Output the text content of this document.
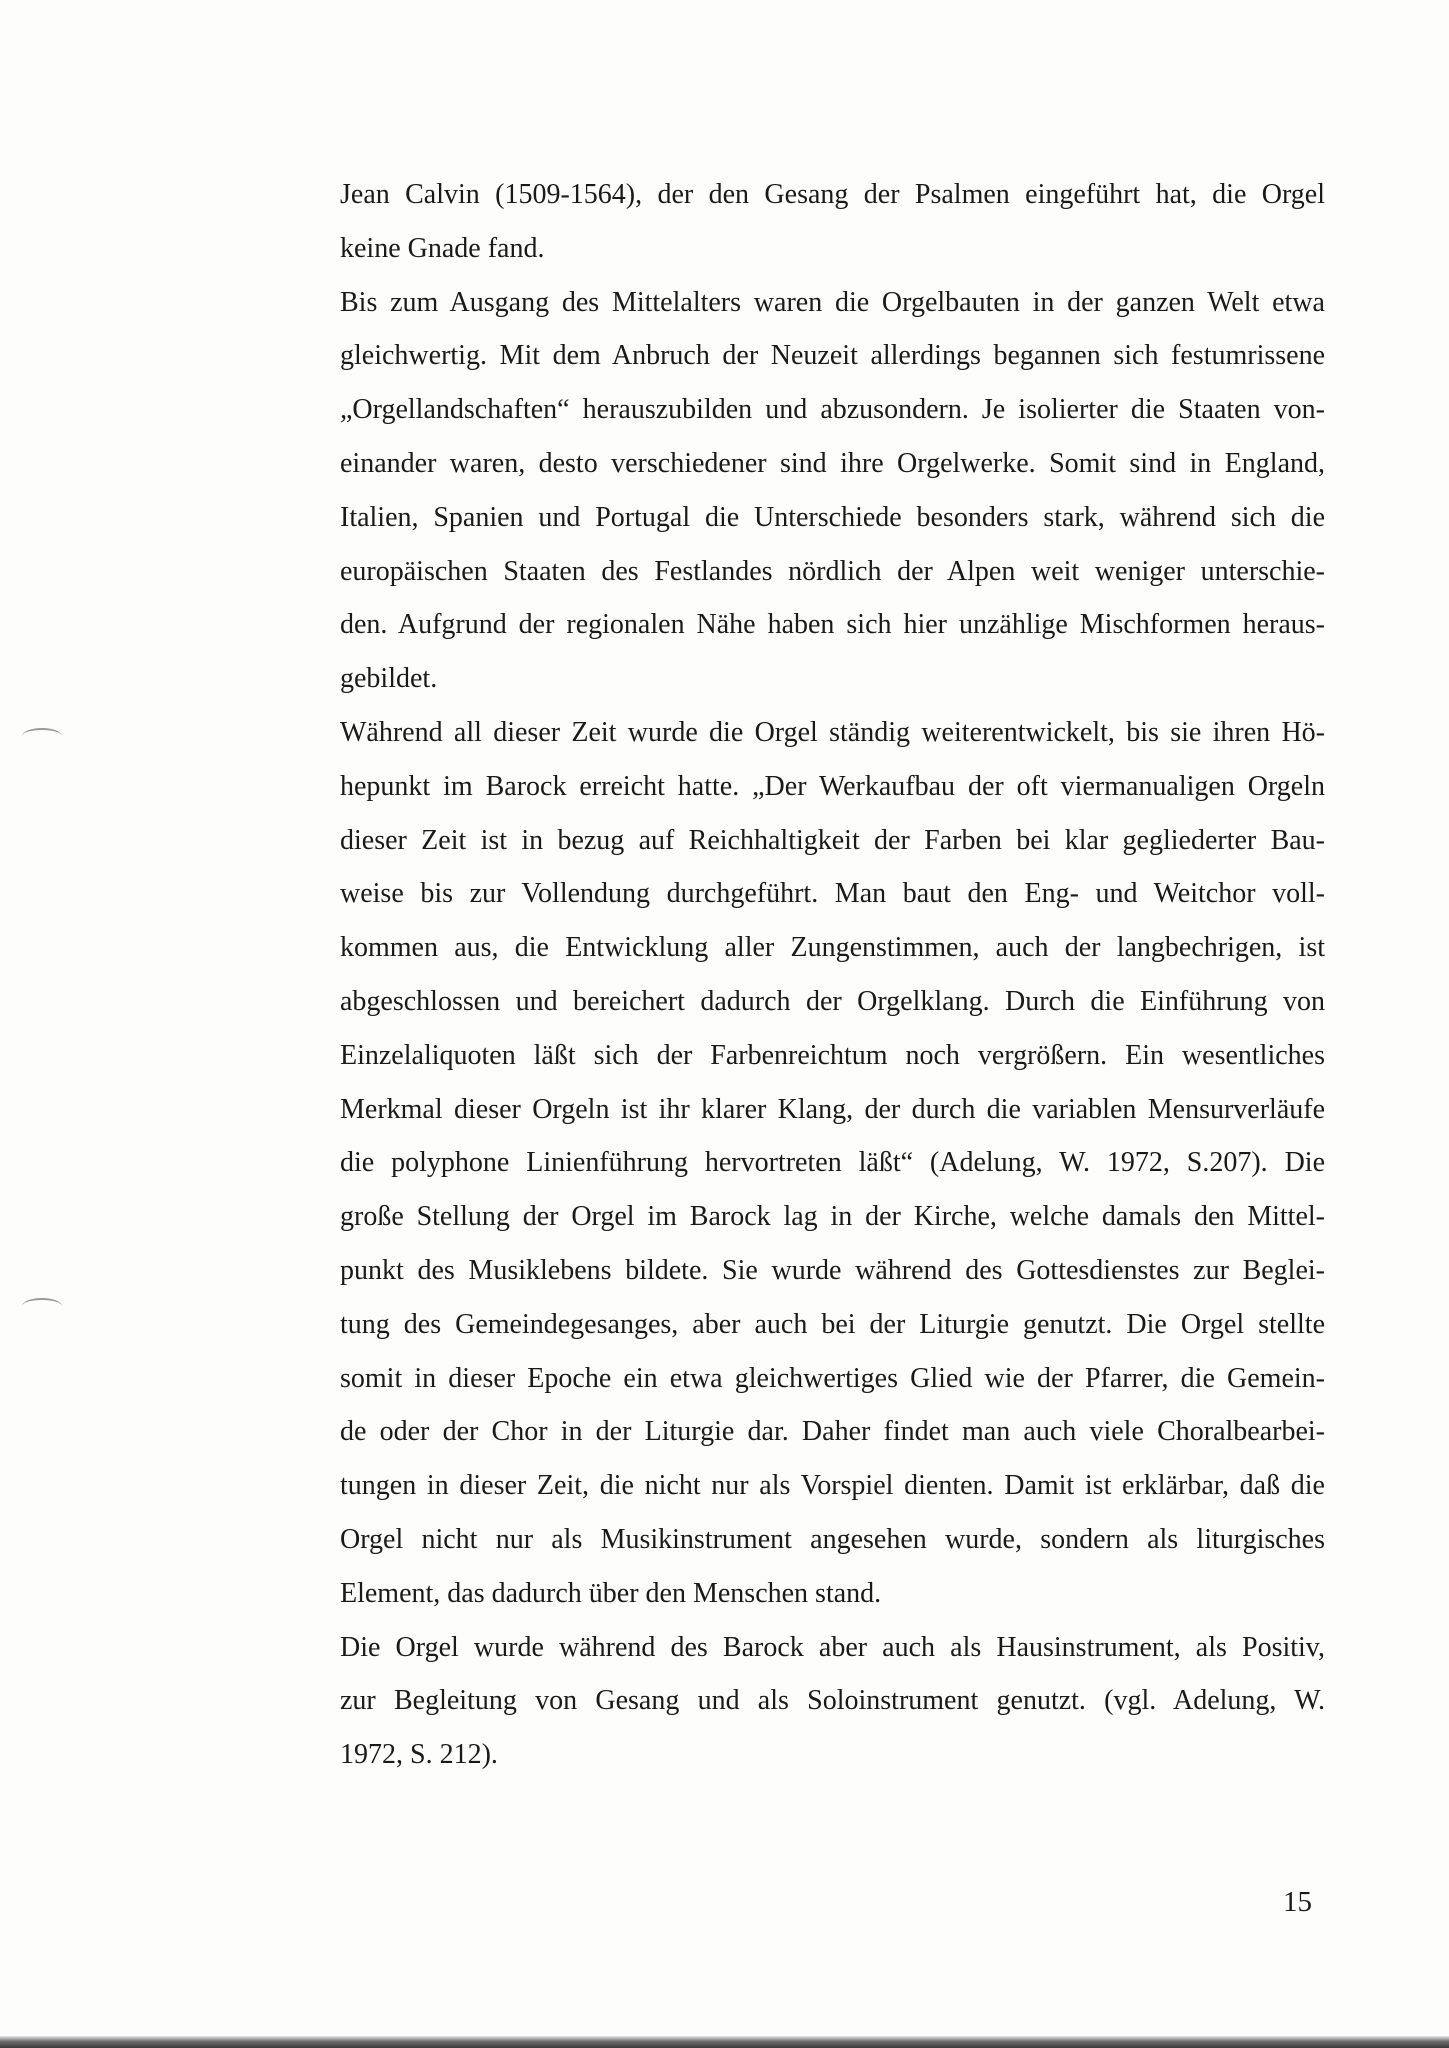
Jean Calvin (1509-1564), der den Gesang der Psalmen eingeführt hat, die Orgel
keine Gnade fand.
Bis zum Ausgang des Mittelalters waren die Orgelbauten in der ganzen Welt etwa
gleichwertig. Mit dem Anbruch der Neuzeit allerdings begannen sich festumrissene
„Orgellandschaften“ herauszubilden und abzusondern. Je isolierter die Staaten von-
einander waren, desto verschiedener sind ihre Orgelwerke. Somit sind in England,
Italien, Spanien und Portugal die Unterschiede besonders stark, während sich die
europäischen Staaten des Festlandes nördlich der Alpen weit weniger unterschie-
den. Aufgrund der regionalen Nähe haben sich hier unzählige Mischformen heraus-
gebildet.
Während all dieser Zeit wurde die Orgel ständig weiterentwickelt, bis sie ihren Hö-
hepunkt im Barock erreicht hatte. „Der Werkaufbau der oft viermanualigen Orgeln
dieser Zeit ist in bezug auf Reichhaltigkeit der Farben bei klar gegliederter Bau-
weise bis zur Vollendung durchgeführt. Man baut den Eng- und Weitchor voll-
kommen aus, die Entwicklung aller Zungenstimmen, auch der langbechrigen, ist
abgeschlossen und bereichert dadurch der Orgelklang. Durch die Einführung von
Einzelaliquoten läßt sich der Farbenreichtum noch vergrößern. Ein wesentliches
Merkmal dieser Orgeln ist ihr klarer Klang, der durch die variablen Mensurverläufe
die polyphone Linienführung hervortreten läßt“ (Adelung, W. 1972, S.207). Die
große Stellung der Orgel im Barock lag in der Kirche, welche damals den Mittel-
punkt des Musiklebens bildete. Sie wurde während des Gottesdienstes zur Beglei-
tung des Gemeindegesanges, aber auch bei der Liturgie genutzt. Die Orgel stellte
somit in dieser Epoche ein etwa gleichwertiges Glied wie der Pfarrer, die Gemein-
de oder der Chor in der Liturgie dar. Daher findet man auch viele Choralbearbei-
tungen in dieser Zeit, die nicht nur als Vorspiel dienten. Damit ist erklärbar, daß die
Orgel nicht nur als Musikinstrument angesehen wurde, sondern als liturgisches
Element, das dadurch über den Menschen stand.
Die Orgel wurde während des Barock aber auch als Hausinstrument, als Positiv,
zur Begleitung von Gesang und als Soloinstrument genutzt. (vgl. Adelung, W.
1972, S. 212).
15
